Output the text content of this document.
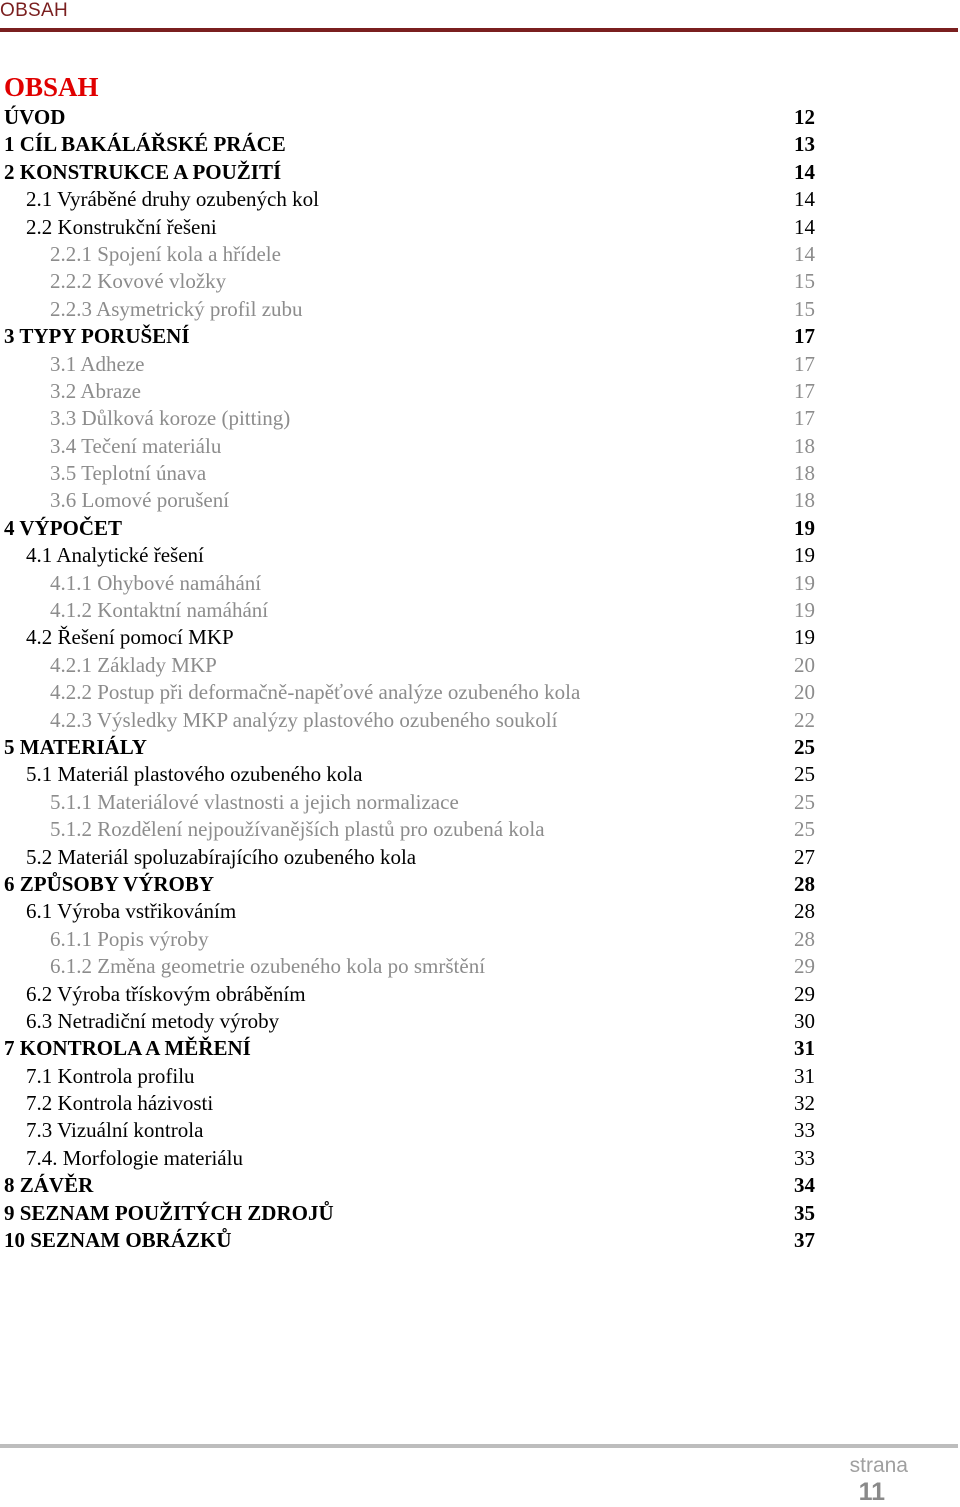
OBSAH
OBSAH
ÚVOD	12
1 CÍL BAKÁLÁŘSKÉ PRÁCE	13
2 KONSTRUKCE A POUŽITÍ	14
2.1 Vyráběné druhy ozubených kol	14
2.2 Konstrukční řešeni	14
2.2.1 Spojení kola a hřídele	14
2.2.2 Kovové vložky	15
2.2.3 Asymetrický profil zubu	15
3 TYPY PORUŠENÍ	17
3.1 Adheze	17
3.2 Abraze	17
3.3 Důlková koroze (pitting)	17
3.4 Tečení materiálu	18
3.5 Teplotní únava	18
3.6 Lomové porušení	18
4 VÝPOČET	19
4.1 Analytické řešení	19
4.1.1 Ohybové namáhání	19
4.1.2 Kontaktní namáhání	19
4.2 Řešení pomocí MKP	19
4.2.1 Základy MKP	20
4.2.2 Postup při deformačně-napěťové analýze ozubeného kola	20
4.2.3 Výsledky MKP analýzy plastového ozubeného soukolí	22
5 MATERIÁLY	25
5.1 Materiál plastového ozubeného kola	25
5.1.1 Materiálové vlastnosti a jejich normalizace	25
5.1.2 Rozdělení nejpoužívanějších plastů pro ozubená kola	25
5.2 Materiál spoluzabírajícího ozubeného kola	27
6 ZPŮSOBY VÝROBY	28
6.1 Výroba vstřikováním	28
6.1.1 Popis výroby	28
6.1.2 Změna geometrie ozubeného kola po smrštění	29
6.2 Výroba třískovým obráběním	29
6.3 Netradiční metody výroby	30
7 KONTROLA A MĚŘENÍ	31
7.1 Kontrola profilu	31
7.2 Kontrola házivosti	32
7.3 Vizuální kontrola	33
7.4. Morfologie materiálu	33
8 ZÁVĚR	34
9 SEZNAM POUŽITÝCH ZDROJŮ	35
10 SEZNAM OBRÁZKŮ	37
strana
11
